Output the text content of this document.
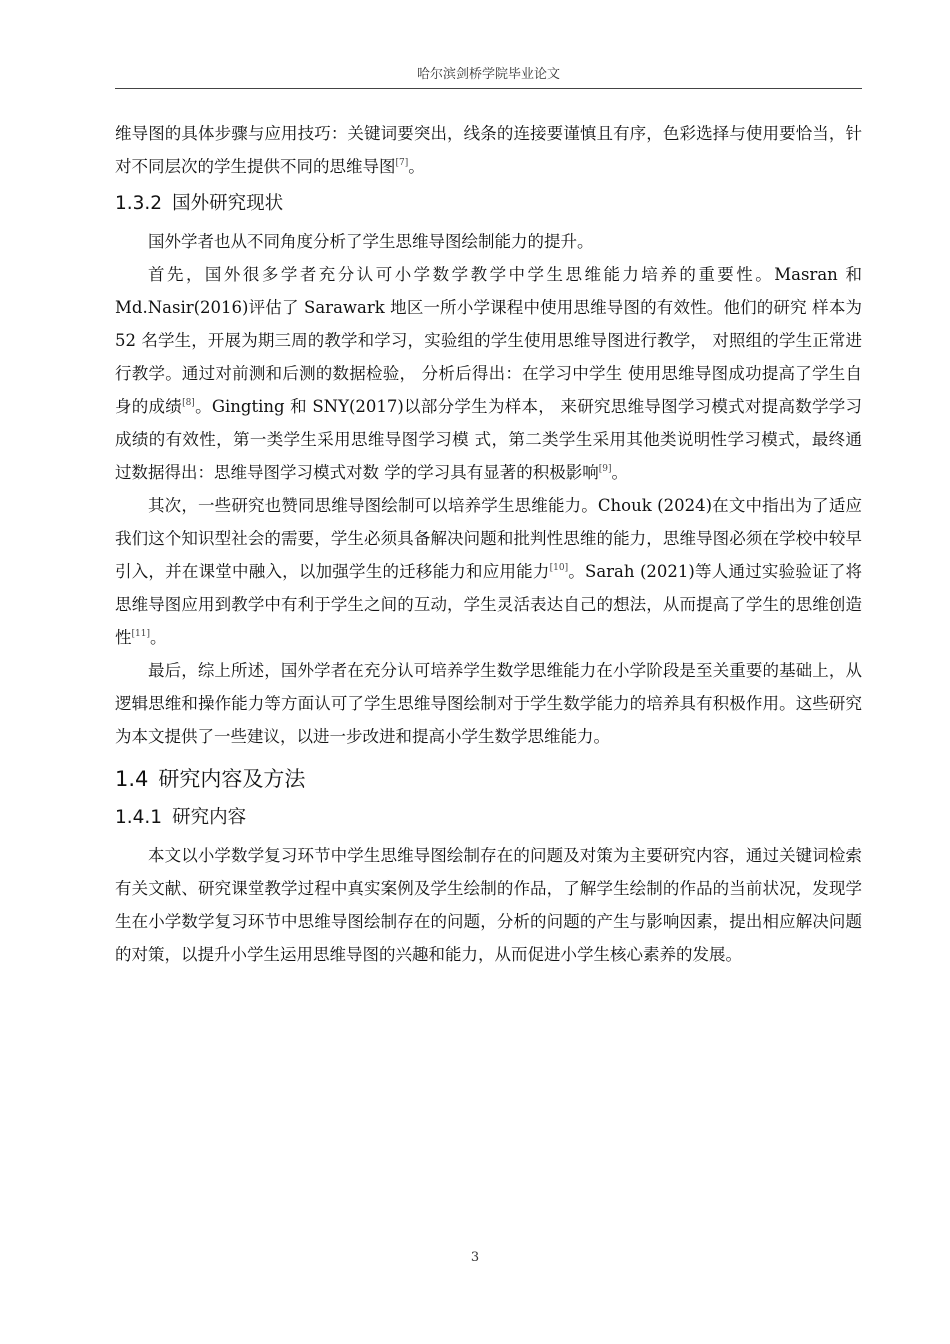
哈尔滨剑桥学院毕业论文

维导图的具体步骤与应用技巧：关键词要突出，线条的连接要谨慎且有序，色彩选择与使用要恰当，针对不同层次的学生提供不同的思维导图[7]。

1.3.2 国外研究现状

国外学者也从不同角度分析了学生思维导图绘制能力的提升。

首先，国外很多学者充分认可小学数学教学中学生思维能力培养的重要性。Masran 和 Md.Nasir(2016)评估了 Sarawark 地区一所小学课程中使用思维导图的有效性。他们的研究 样本为 52 名学生，开展为期三周的教学和学习，实验组的学生使用思维导图进行教学， 对照组的学生正常进行教学。通过对前测和后测的数据检验， 分析后得出：在学习中学生 使用思维导图成功提高了学生自身的成绩[8]。Gingting 和 SNY(2017)以部分学生为样本， 来研究思维导图学习模式对提高数学学习成绩的有效性，第一类学生采用思维导图学习模 式，第二类学生采用其他类说明性学习模式，最终通过数据得出：思维导图学习模式对数 学的学习具有显著的积极影响[9]。

其次，一些研究也赞同思维导图绘制可以培养学生思维能力。Chouk (2024)在文中指出为了适应我们这个知识型社会的需要，学生必须具备解决问题和批判性思维的能力，思维导图必须在学校中较早引入，并在课堂中融入，以加强学生的迁移能力和应用能力[10]。Sarah (2021)等人通过实验验证了将思维导图应用到教学中有利于学生之间的互动，学生灵活表达自己的想法，从而提高了学生的思维创造性[11]。

最后，综上所述，国外学者在充分认可培养学生数学思维能力在小学阶段是至关重要的基础上，从逻辑思维和操作能力等方面认可了学生思维导图绘制对于学生数学能力的培养具有积极作用。这些研究为本文提供了一些建议，以进一步改进和提高小学生数学思维能力。

1.4 研究内容及方法
1.4.1 研究内容

本文以小学数学复习环节中学生思维导图绘制存在的问题及对策为主要研究内容，通过关键词检索有关文献、研究课堂教学过程中真实案例及学生绘制的作品，了解学生绘制的作品的当前状况，发现学生在小学数学复习环节中思维导图绘制存在的问题，分析的问题的产生与影响因素，提出相应解决问题的对策，以提升小学生运用思维导图的兴趣和能力，从而促进小学生核心素养的发展。

3
